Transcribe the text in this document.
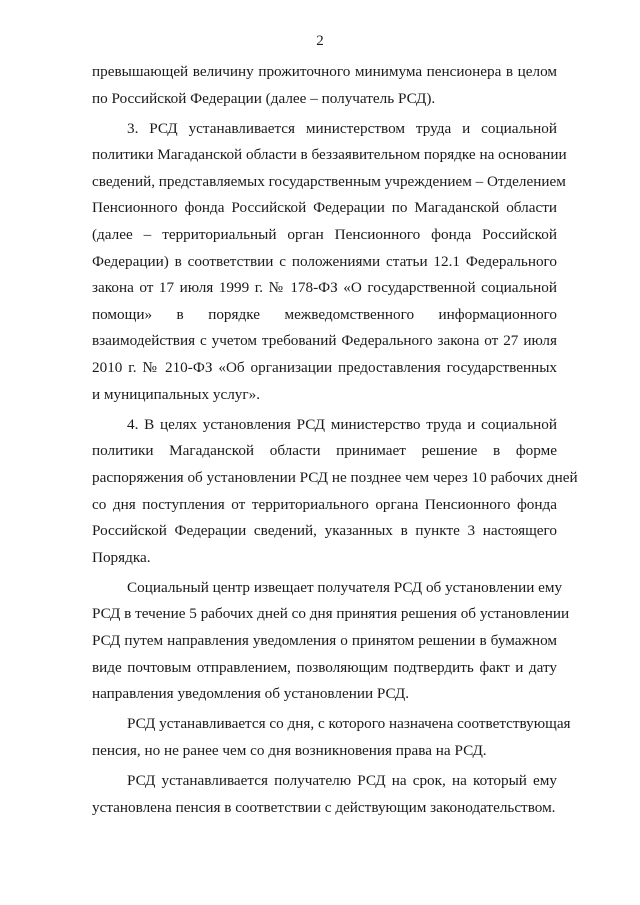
2

превышающей величину прожиточного минимума пенсионера в целом
по Российской Федерации (далее – получатель РСД).

3. РСД устанавливается министерством труда и социальной
политики Магаданской области в беззаявительном порядке на основании
сведений, представляемых государственным учреждением – Отделением
Пенсионного фонда Российской Федерации по Магаданской области
(далее – территориальный орган Пенсионного фонда Российской
Федерации) в соответствии с положениями статьи 12.1 Федерального
закона от 17 июля 1999 г. № 178-ФЗ «О государственной социальной
помощи» в порядке межведомственного информационного
взаимодействия с учетом требований Федерального закона от 27 июля
2010 г. № 210-ФЗ «Об организации предоставления государственных
и муниципальных услуг».

4. В целях установления РСД министерство труда и социальной
политики Магаданской области принимает решение в форме
распоряжения об установлении РСД не позднее чем через 10 рабочих дней
со дня поступления от территориального органа Пенсионного фонда
Российской Федерации сведений, указанных в пункте 3 настоящего
Порядка.

Социальный центр извещает получателя РСД об установлении ему
РСД в течение 5 рабочих дней со дня принятия решения об установлении
РСД путем направления уведомления о принятом решении в бумажном
виде почтовым отправлением, позволяющим подтвердить факт и дату
направления уведомления об установлении РСД.

РСД устанавливается со дня, с которого назначена соответствующая
пенсия, но не ранее чем со дня возникновения права на РСД.

РСД устанавливается получателю РСД на срок, на который ему
установлена пенсия в соответствии с действующим законодательством.
